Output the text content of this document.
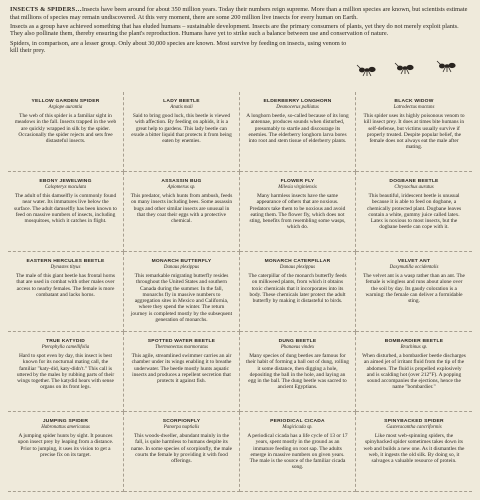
INSECTS & SPIDERS…Insects have been around for about 350 million years. Today their numbers reign supreme. More than a million species are known, but scientists estimate that millions of species may remain undiscovered. At this very moment, there are some 200 million live insects for every human on Earth.

Insects as a group have achieved something that has eluded humans – sustainable development. Insects are the primary consumers of plants, yet they do not merely exploit plants. They also pollinate them, thereby ensuring the plant's reproduction. Humans have yet to strike such a balance between use and conservation of nature.

Spiders, in comparison, are a lesser group. Only about 30,000 species are known. Most survive by feeding on insects, using venom to kill their prey.

YELLOW GARDEN SPIDER
Argiope aurantia
The web of this spider is a familiar sight in meadows in the fall. Insects trapped in the web are quickly wrapped in silk by the spider. Occasionally the spider rejects and sets free distasteful insects.
LADY BEETLE
Anatis mali
Said to bring good luck, this beetle is viewed with affection. By feeding on aphids, it is a great help to gardens. This lady beetle can exude a bitter liquid that protects it from being eaten by enemies.
ELDERBERRY LONGHORN
Desmocerus palliatus
A longhorn beetle, so-called because of its long antennae, produces sounds when disturbed, presumably to startle and discourage its enemies. The elderberry longhorn larva bores into root and stem tissue of elderberry plants.
BLACK WIDOW
Latrodectus mactans
This spider uses its highly poisonous venom to kill insect prey. It does at times bite humans in self-defense, but victims usually survive if properly treated. Despite popular belief, the female does not always eat the male after mating.
EBONY JEWELWING
Calopteryx maculata
The adult of this damselfly is commonly found near water. Its immatures live below the surface. The adult damselfly has been known to feed on massive numbers of insects, including mosquitoes, which it catches in flight.
ASSASSIN BUG
Apiomerus sp.
This predator, which hunts from ambush, feeds on many insects including bees. Some assassin bugs and other similar insects are unusual in that they coat their eggs with a protective chemical.
FLOWER FLY
Milesia virginiensis
Many harmless insects have the same appearance of others that are noxious. Predators take them to be noxious and avoid eating them. The flower fly, which does not sting, benefits from resembling some wasps, which do.
DOGBANE BEETLE
Chrysochus auratus
This beautiful, iridescent beetle is unusual because it is able to feed on dogbane, a chemically protected plant. Dogbane leaves contain a white, gummy juice called latex. Latex is noxious to most insects, but the dogbane beetle can cope with it.
EASTERN HERCULES BEETLE
Dynastes tityus
The male of this giant beetle has frontal horns that are used in combat with other males over access to nearby females. The female is more combatant and lacks horns.
MONARCH BUTTERFLY
Danaus plexippus
This remarkable migrating butterfly resides throughout the United States and southern Canada during the summer. In the fall, monarchs fly in massive numbers to aggregation sites in Mexico and California, where they spend the winter. The return journey is completed mostly by the subsequent generation of monarchs.
MONARCH CATERPILLAR
Danaus plexippus
The caterpillar of the monarch butterfly feeds on milkweed plants, from which it obtains toxic chemicals that it incorporates into its body. These chemicals later protect the adult butterfly by making it distasteful to birds.
VELVET ANT
Dasymutilla occidentalis
The velvet ant is a wasp rather than an ant. The female is wingless and runs about alone over the soil by day. Its gaudy coloration is a warning: the female can deliver a formidable sting.
TRUE KATYDID
Pterophylla camellifolia
Hard to spot even by day, this insect is best known for its nocturnal mating call, the familiar "katy-did, katy-didn't." This call is uttered by the males by rubbing parts of their wings together. The katydid hears with sense organs on its front legs.
SPOTTED WATER BEETLE
Thermonectus marmoratus
This agile, streamlined swimmer carries an air chamber under its wings enabling it to breathe underwater. The beetle mostly hunts aquatic insects and produces a repellent secretion that protects it against fish.
DUNG BEETLE
Phanaeus vindex
Many species of dung beetles are famous for their habit of forming a ball out of dung, rolling it some distance, then digging a hole, depositing the ball in the hole, and laying an egg in the ball. The dung beetle was sacred to ancient Egyptians.
BOMBARDIER BEETLE
Brachinus sp.
When disturbed, a bombardier beetle discharges an aimed jet of irritant fluid from the tip of the abdomen. The fluid is propelled explosively and is scalding hot (over 212°F). A popping sound accompanies the ejections, hence the name "bombardier."
JUMPING SPIDER
Habronattus americanus
A jumping spider hunts by sight. It pounces upon insect prey by leaping from a distance. Prior to jumping, it uses its vision to get a precise fix on its target.
SCORPIONFLY
Panorpa nuptialis
This woods-dweller, abundant mainly in the fall, is quite harmless to humans despite its name. In some species of scorpionfly, the male courts the female by providing it with food offerings.
PERIODICAL CICADA
Magicicada sp.
A periodical cicada has a life cycle of 13 or 17 years, spent mostly in the ground as an immature feeding on root sap. The adults emerge in massive numbers on given years. The male is the source of the familiar cicada song.
SPINYBACKED SPIDER
Gasteracantha cancriformis
Like most web-spinning spiders, the spinybacked spider sometimes takes down its web and builds a new one. As it dismantles the web, it ingests the old silk. By doing so, it salvages a valuable resource of protein.
